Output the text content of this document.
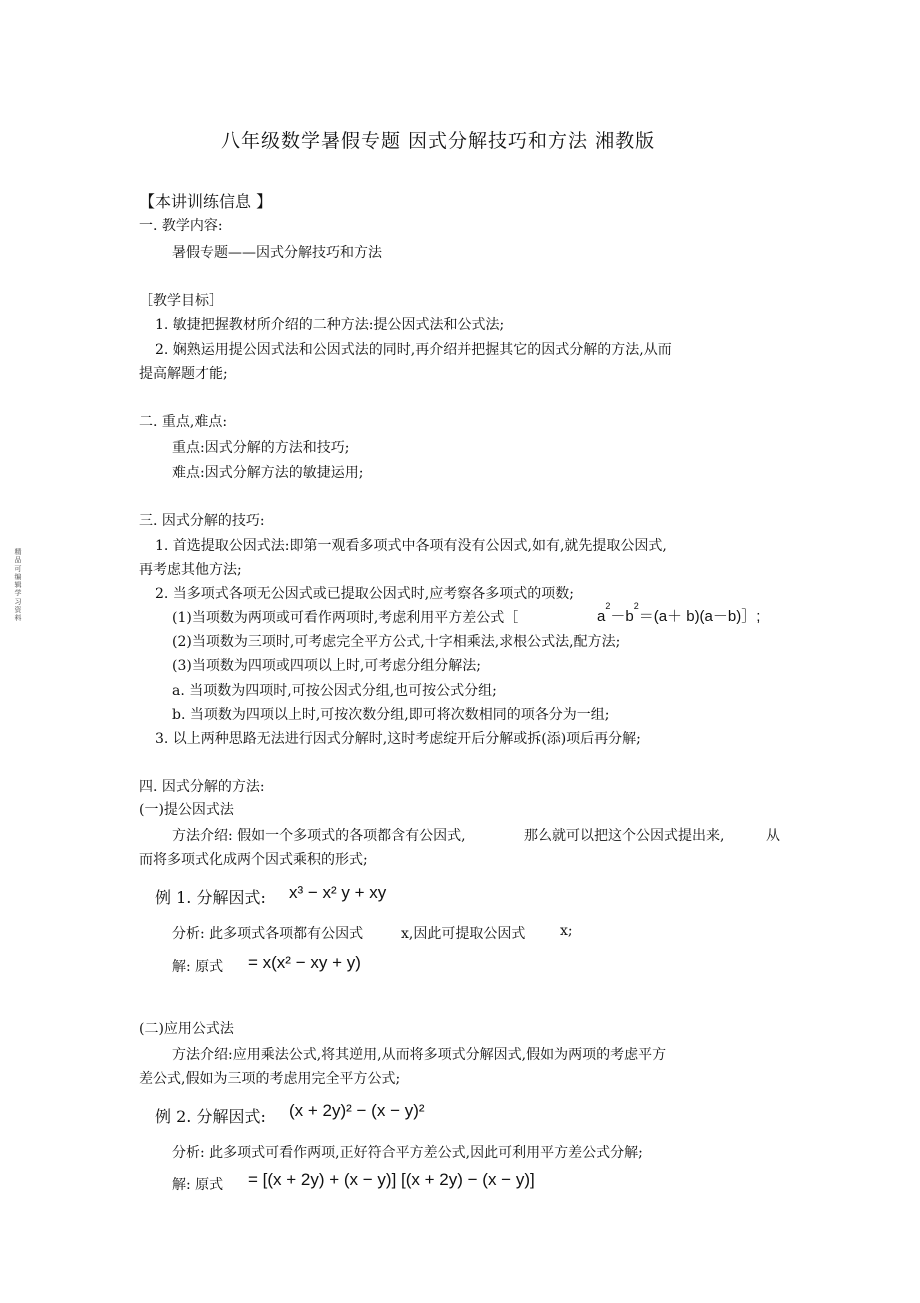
八年级数学暑假专题 因式分解技巧和方法 湘教版
精
品
可
编
辑
学
习
资
料
【本讲训练信息 】
一. 教学内容:
暑假专题——因式分解技巧和方法
［教学目标］
1. 敏捷把握教材所介绍的二种方法:提公因式法和公式法;
2. 娴熟运用提公因式法和公因式法的同时,再介绍并把握其它的因式分解的方法,从而
提高解题才能;
二. 重点,难点:
重点:因式分解的方法和技巧;
难点:因式分解方法的敏捷运用;
三. 因式分解的技巧:
1. 首选提取公因式法:即第一观看多项式中各项有没有公因式,如有,就先提取公因式,
再考虑其他方法;
2. 当多项式各项无公因式或已提取公因式时,应考察各多项式的项数;
(1)当项数为两项或可看作两项时,考虑利用平方差公式［	$a^2-b^2=(a+$ b)(a－b)］;
(2)当项数为三项时,可考虑完全平方公式,十字相乘法,求根公式法,配方法;
(3)当项数为四项或四项以上时,可考虑分组分解法;
a. 当项数为四项时,可按公因式分组,也可按公式分组;
b. 当项数为四项以上时,可按次数分组,即可将次数相同的项各分为一组;
3. 以上两种思路无法进行因式分解时,这时考虑绽开后分解或拆(添)项后再分解;
四. 因式分解的方法:
(一)提公因式法
方法介绍: 假如一个多项式的各项都含有公因式,	那么就可以把这个公因式提出来,	从
而将多项式化成两个因式乘积的形式;
例 1. 分解因式: x³ − x² y + xy
分析: 此多项式各项都有公因式	x,因此可提取公因式 x;
解: 原式 = x(x² − xy + y)
(二)应用公式法
方法介绍:应用乘法公式,将其逆用,从而将多项式分解因式,假如为两项的考虑平方
差公式,假如为三项的考虑用完全平方公式;
例 2. 分解因式: (x + 2y)² − (x − y)²
分析: 此多项式可看作两项,正好符合平方差公式,因此可利用平方差公式分解;
解: 原式 = [(x + 2y) + (x − y)] [(x + 2y) − (x − y)]
